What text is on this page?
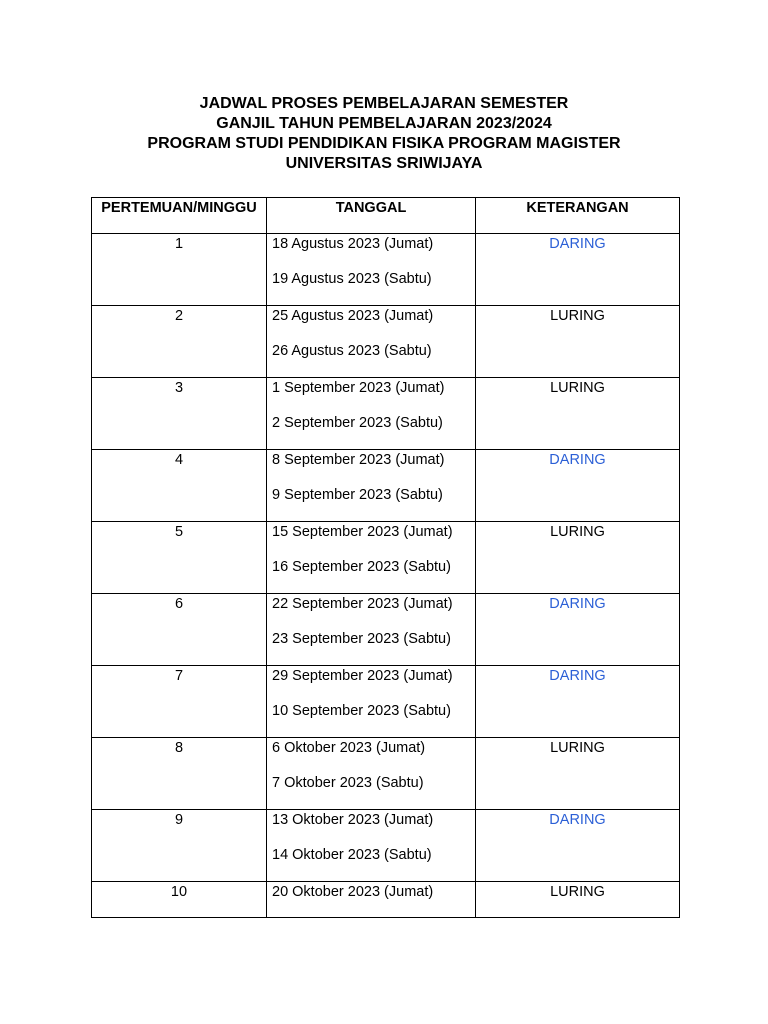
JADWAL PROSES PEMBELAJARAN SEMESTER
GANJIL TAHUN PEMBELAJARAN 2023/2024
PROGRAM STUDI PENDIDIKAN FISIKA PROGRAM MAGISTER
UNIVERSITAS SRIWIJAYA
PERTEMUAN/MINGGU	TANGGAL	KETERANGAN
1	18 Agustus 2023 (Jumat)
19 Agustus 2023 (Sabtu)	DARING
2	25 Agustus 2023 (Jumat)
26 Agustus 2023 (Sabtu)	LURING
3	1 September 2023 (Jumat)
2 September 2023 (Sabtu)	LURING
4	8 September 2023 (Jumat)
9 September 2023 (Sabtu)	DARING
5	15 September 2023 (Jumat)
16 September 2023 (Sabtu)	LURING
6	22 September 2023 (Jumat)
23 September 2023 (Sabtu)	DARING
7	29 September 2023 (Jumat)
10 September 2023 (Sabtu)	DARING
8	6 Oktober 2023 (Jumat)
7 Oktober 2023 (Sabtu)	LURING
9	13 Oktober 2023 (Jumat)
14 Oktober 2023 (Sabtu)	DARING
10	20 Oktober 2023 (Jumat)	LURING
